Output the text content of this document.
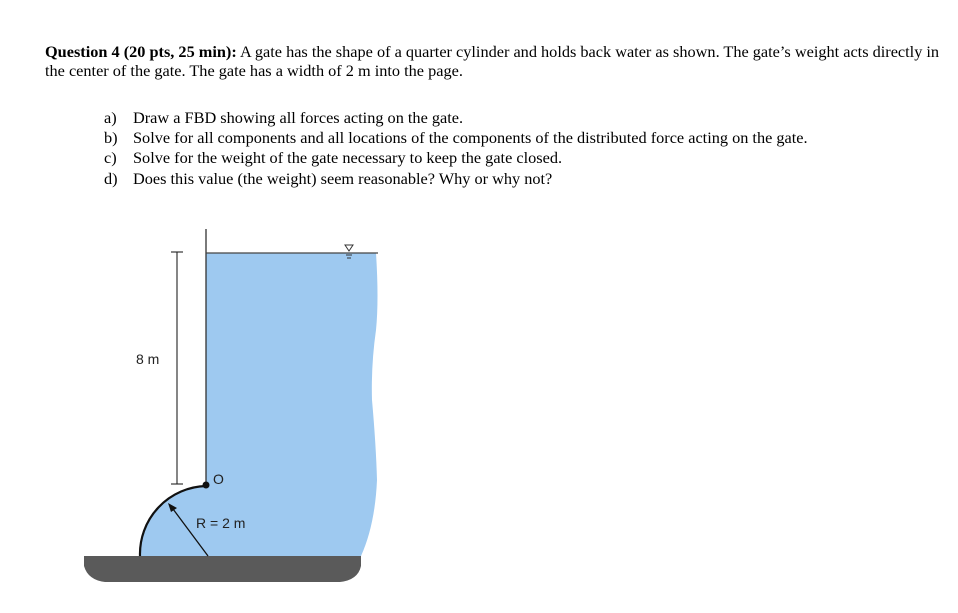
Question 4 (20 pts, 25 min): A gate has the shape of a quarter cylinder and holds back water as shown. The gate’s weight acts directly in the center of the gate. The gate has a width of 2 m into the page.
a)	Draw a FBD showing all forces acting on the gate.
b) Solve for all components and all locations of the components of the distributed force acting on the gate.
c)	Solve for the weight of the gate necessary to keep the gate closed.
d) Does this value (the weight) seem reasonable? Why or why not?
8 m
O
R = 2 m
